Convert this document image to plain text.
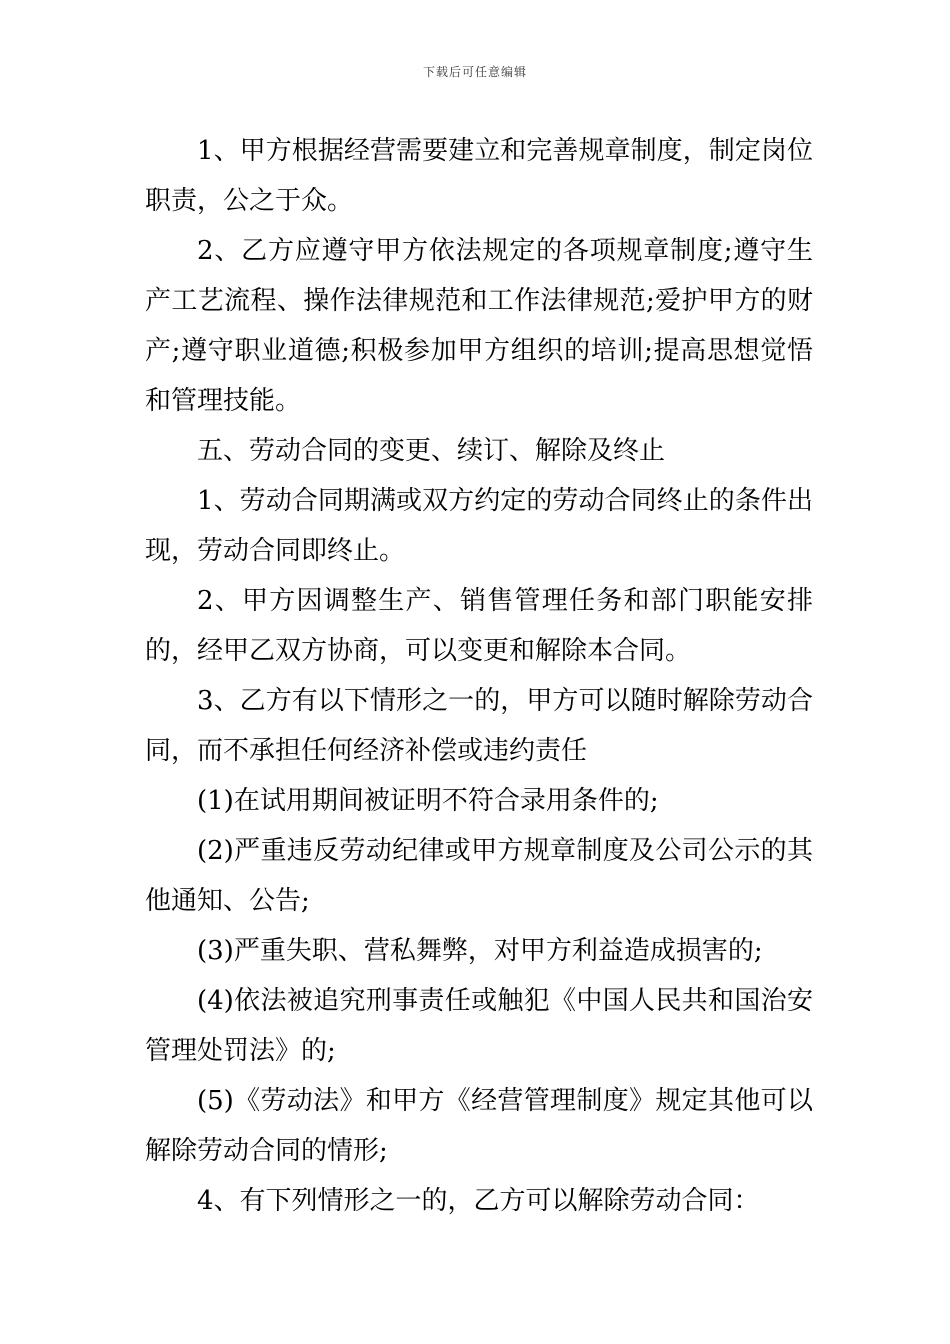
下载后可任意编辑

1、甲方根据经营需要建立和完善规章制度，制定岗位职责，公之于众。

2、乙方应遵守甲方依法规定的各项规章制度;遵守生产工艺流程、操作法律规范和工作法律规范;爱护甲方的财产;遵守职业道德;积极参加甲方组织的培训;提高思想觉悟和管理技能。

五、劳动合同的变更、续订、解除及终止

1、劳动合同期满或双方约定的劳动合同终止的条件出现，劳动合同即终止。

2、甲方因调整生产、销售管理任务和部门职能安排的，经甲乙双方协商，可以变更和解除本合同。

3、乙方有以下情形之一的，甲方可以随时解除劳动合同，而不承担任何经济补偿或违约责任

(1)在试用期间被证明不符合录用条件的;

(2)严重违反劳动纪律或甲方规章制度及公司公示的其他通知、公告;

(3)严重失职、营私舞弊，对甲方利益造成损害的;

(4)依法被追究刑事责任或触犯《中国人民共和国治安管理处罚法》的;

(5)《劳动法》和甲方《经营管理制度》规定其他可以解除劳动合同的情形;

4、有下列情形之一的，乙方可以解除劳动合同：
